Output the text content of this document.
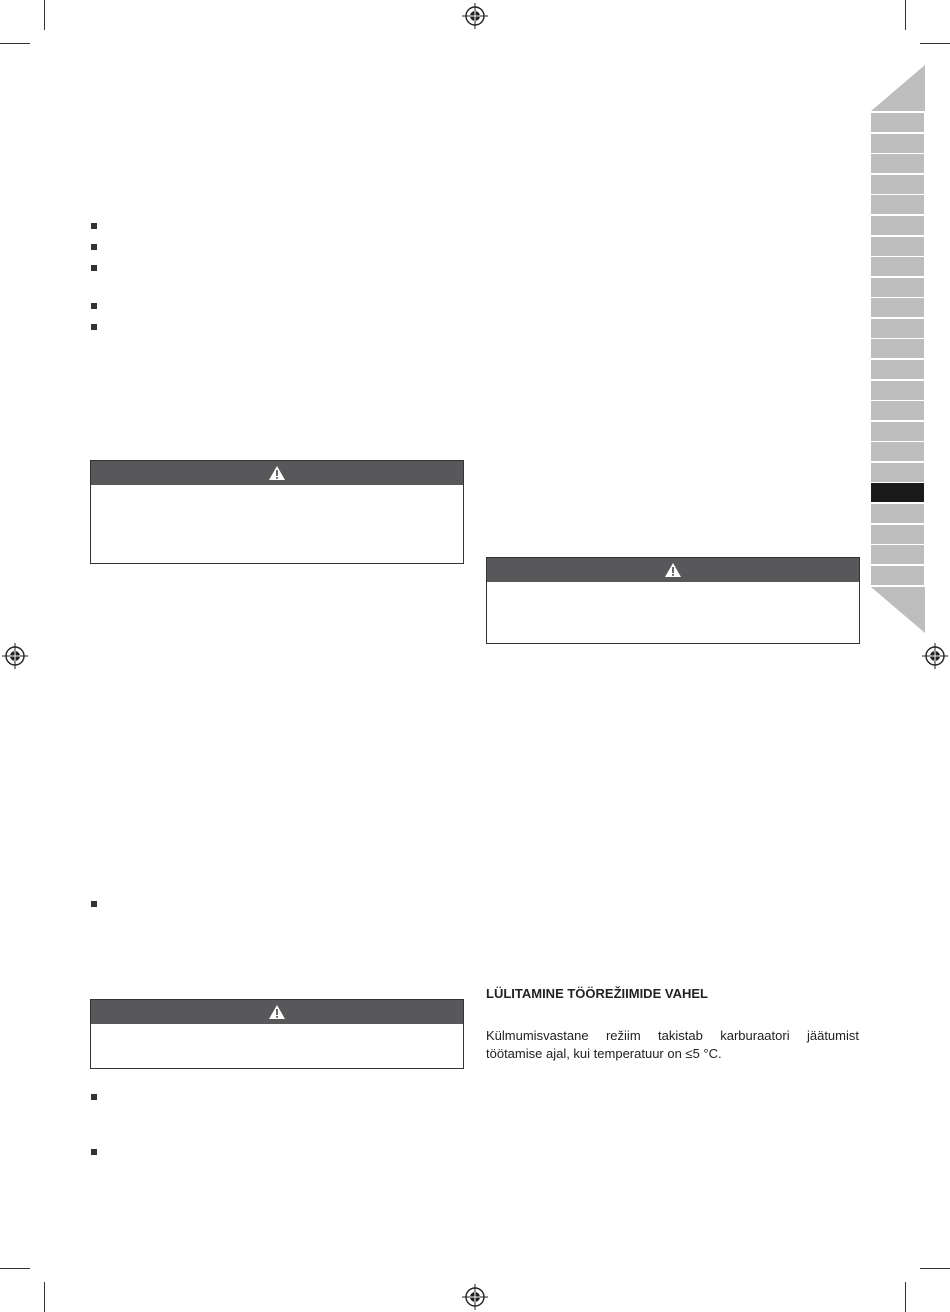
LÜLITAMINE TÖÖREŽIIMIDE VAHEL
Külmumisvastane režiim takistab karburaatori jäätumist töötamise ajal, kui temperatuur on ≤5 °C.
